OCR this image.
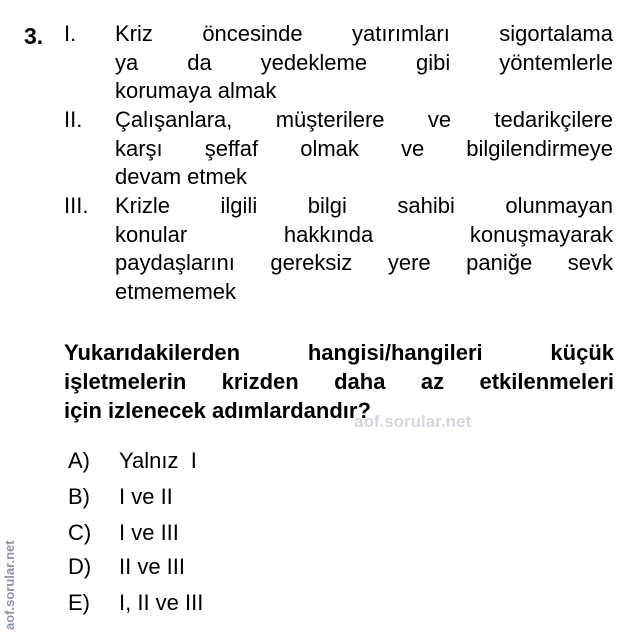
3. I. Kriz öncesinde yatırımları sigortalama
ya da yedekleme gibi yöntemlerle
korumaya almak
II. Çalışanlara, müşterilere ve tedarikçilere
karşı şeffaf olmak ve bilgilendirmeye
devam etmek
III. Krizle ilgili bilgi sahibi olunmayan
konular hakkında konuşmayarak
paydaşlarını gereksiz yere paniğe sevk
etmememek
Yukarıdakilerden hangisi/hangileri küçük
işletmelerin krizden daha az etkilenmeleri
için izlenecek adımlardandır?
aof.sorular.net
aof.sorular.net
A) Yalnız  I
B) I ve II
C) I ve III
D) II ve III
E) I, II ve III
